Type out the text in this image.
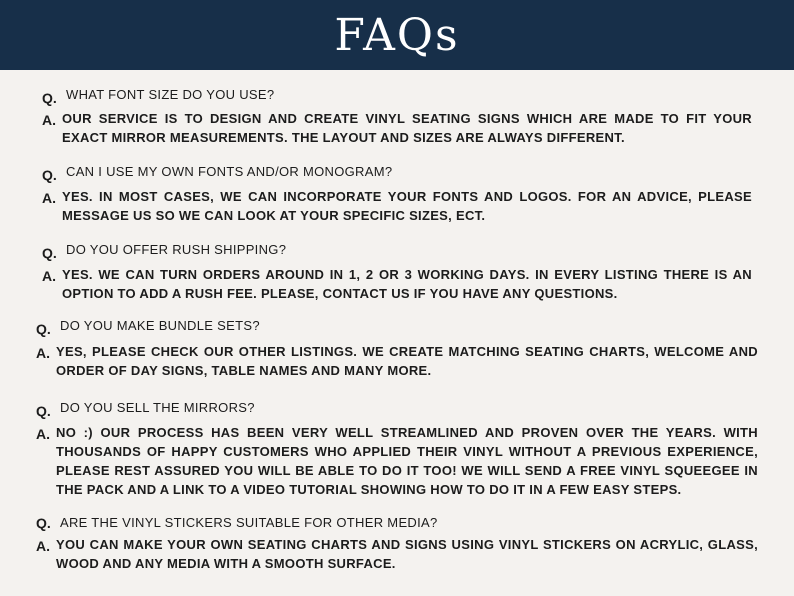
FAQs
Q. WHAT FONT SIZE DO YOU USE?
A. OUR SERVICE IS TO DESIGN AND CREATE VINYL SEATING SIGNS WHICH ARE MADE TO FIT YOUR EXACT MIRROR MEASUREMENTS. THE LAYOUT AND SIZES ARE ALWAYS DIFFERENT.
Q. CAN I USE MY OWN FONTS AND/OR MONOGRAM?
A. YES. IN MOST CASES, WE CAN INCORPORATE YOUR FONTS AND LOGOS. FOR AN ADVICE, PLEASE MESSAGE US SO WE CAN LOOK AT YOUR SPECIFIC SIZES, ECT.
Q. DO YOU OFFER RUSH SHIPPING?
A. YES. WE CAN TURN ORDERS AROUND IN 1, 2 OR 3 WORKING DAYS. IN EVERY LISTING THERE IS AN OPTION TO ADD A RUSH FEE. PLEASE, CONTACT US IF YOU HAVE ANY QUESTIONS.
Q. DO YOU MAKE BUNDLE SETS?
A. YES, PLEASE CHECK OUR OTHER LISTINGS. WE CREATE MATCHING SEATING CHARTS, WELCOME AND ORDER OF DAY SIGNS, TABLE NAMES AND MANY MORE.
Q. DO YOU SELL THE MIRRORS?
A. NO :) OUR PROCESS HAS BEEN VERY WELL STREAMLINED AND PROVEN OVER THE YEARS. WITH THOUSANDS OF HAPPY CUSTOMERS WHO APPLIED THEIR VINYL WITHOUT A PREVIOUS EXPERIENCE, PLEASE REST ASSURED YOU WILL BE ABLE TO DO IT TOO! WE WILL SEND A FREE VINYL SQUEEGEE IN THE PACK AND A LINK TO A VIDEO TUTORIAL SHOWING HOW TO DO IT IN A FEW EASY STEPS.
Q. ARE THE VINYL STICKERS SUITABLE FOR OTHER MEDIA?
A. YOU CAN MAKE YOUR OWN SEATING CHARTS AND SIGNS USING VINYL STICKERS ON ACRYLIC, GLASS, WOOD AND ANY MEDIA WITH A SMOOTH SURFACE.
